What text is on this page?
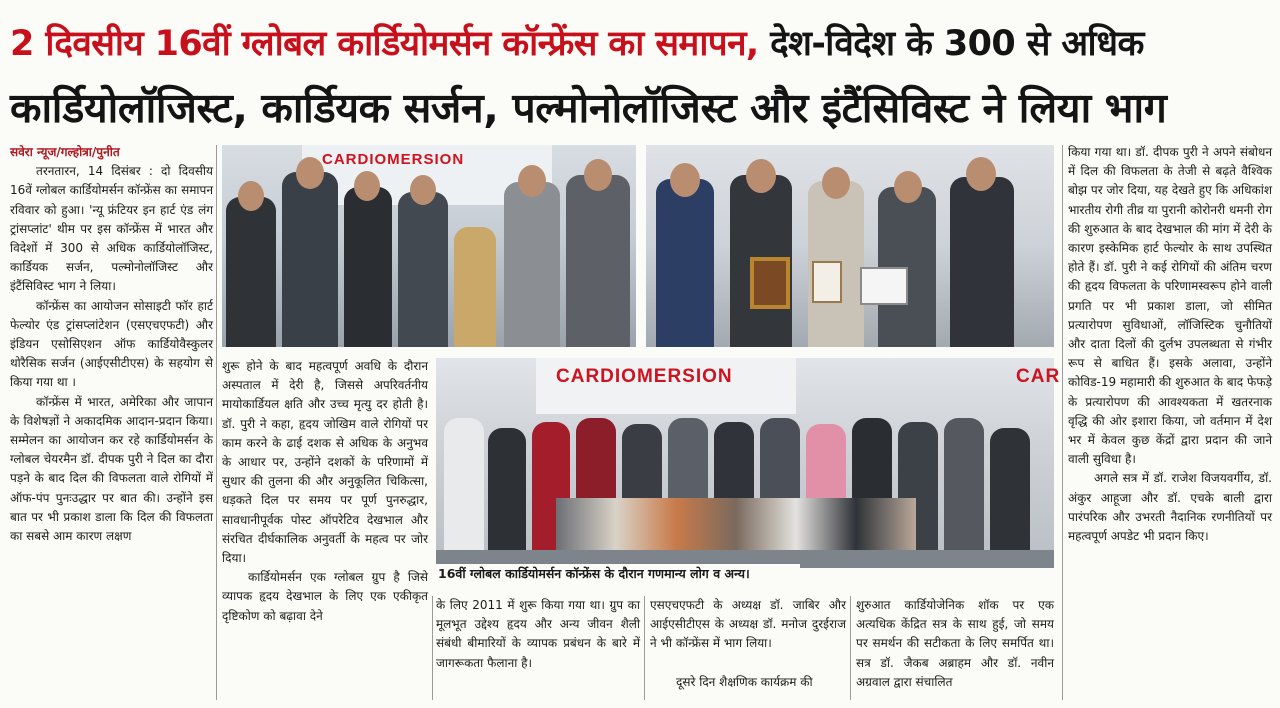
2 दिवसीय 16वीं ग्लोबल कार्डियोमर्सन कॉन्फ्रेंस का समापन, देश-विदेश के 300 से अधिक
कार्डियोलॉजिस्ट, कार्डियक सर्जन, पल्मोनोलॉजिस्ट और इंटैंसिविस्ट ने लिया भाग

सवेरा न्यूज/गल्होत्रा/पुनीत

तरनतारन, 14 दिसंबर : दो दिवसीय 16वें ग्लोबल कार्डियोमर्सन कॉन्फ्रेंस का समापन रविवार को हुआ। 'न्यू फ्रंटियर इन हार्ट एंड लंग ट्रांसप्लांट' थीम पर इस कॉन्फ्रेंस में भारत और विदेशों में 300 से अधिक कार्डियोलॉजिस्ट, कार्डियक सर्जन, पल्मोनोलॉजिस्ट और इंटैंसिविस्ट भाग ने लिया।

कॉन्फ्रेंस का आयोजन सोसाइटी फॉर हार्ट फेल्योर एंड ट्रांसप्लांटेशन (एसएचएफटी) और इंडियन एसोसिएशन ऑफ कार्डियोवैस्कुलर थोरैसिक सर्जन (आईएसीटीएस) के सहयोग से किया गया था ।

कॉन्फ्रेंस में भारत, अमेरिका और जापान के विशेषज्ञों ने अकादमिक आदान-प्रदान किया। सम्मेलन का आयोजन कर रहे कार्डियोमर्सन के ग्लोबल चेयरमैन डॉ. दीपक पुरी ने दिल का दौरा पड़ने के बाद दिल की विफलता वाले रोगियों में ऑफ-पंप पुनःउद्धार पर बात की। उन्होंने इस बात पर भी प्रकाश डाला कि दिल की विफलता का सबसे आम कारण लक्षण

CARDIOMERSION
CARDIOMERSION	CAR
16वीं ग्लोबल कार्डियोमर्सन कॉन्फ्रेंस के दौरान गणमान्य लोग व अन्य।

शुरू होने के बाद महत्वपूर्ण अवधि के दौरान अस्पताल में देरी है, जिससे अपरिवर्तनीय मायोकार्डियल क्षति और उच्च मृत्यु दर होती है। डॉ. पुरी ने कहा, हृदय जोखिम वाले रोगियों पर काम करने के ढाई दशक से अधिक के अनुभव के आधार पर, उन्होंने दशकों के परिणामों में सुधार की तुलना की और अनुकूलित चिकित्सा, धड़कते दिल पर समय पर पूर्ण पुनरुद्धार, सावधानीपूर्वक पोस्ट ऑपरेटिव देखभाल और संरचित दीर्घकालिक अनुवर्ती के महत्व पर जोर दिया।

कार्डियोमर्सन एक ग्लोबल ग्रुप है जिसे व्यापक हृदय देखभाल के लिए एक एकीकृत दृष्टिकोण को बढ़ावा देने

के लिए 2011 में शुरू किया गया था। ग्रुप का मूलभूत उद्देश्य हृदय और अन्य जीवन शैली संबंधी बीमारियों के व्यापक प्रबंधन के बारे में जागरूकता फैलाना है।

एसएचएफटी के अध्यक्ष डॉ. जाबिर और आईएसीटीएस के अध्यक्ष डॉ. मनोज दुरईराज ने भी कॉन्फ्रेंस में भाग लिया।

दूसरे दिन शैक्षणिक कार्यक्रम की

शुरुआत कार्डियोजेनिक शॉक पर एक अत्यधिक केंद्रित सत्र के साथ हुई, जो समय पर समर्थन की सटीकता के लिए समर्पित था। सत्र डॉ. जैकब अब्राहम और डॉ. नवीन अग्रवाल द्वारा संचालित

किया गया था। डॉ. दीपक पुरी ने अपने संबोधन में दिल की विफलता के तेजी से बढ़ते वैश्विक बोझ पर जोर दिया, यह देखते हुए कि अधिकांश भारतीय रोगी तीव्र या पुरानी कोरोनरी धमनी रोग की शुरुआत के बाद देखभाल की मांग में देरी के कारण इस्केमिक हार्ट फेल्योर के साथ उपस्थित होते हैं। डॉ. पुरी ने कई रोगियों की अंतिम चरण की हृदय विफलता के परिणामस्वरूप होने वाली प्रगति पर भी प्रकाश डाला, जो सीमित प्रत्यारोपण सुविधाओं, लॉजिस्टिक चुनौतियों और दाता दिलों की दुर्लभ उपलब्धता से गंभीर रूप से बाधित हैं। इसके अलावा, उन्होंने कोविड-19 महामारी की शुरुआत के बाद फेफड़े के प्रत्यारोपण की आवश्यकता में खतरनाक वृद्धि की ओर इशारा किया, जो वर्तमान में देश भर में केवल कुछ केंद्रों द्वारा प्रदान की जाने वाली सुविधा है।

अगले सत्र में डॉ. राजेश विजयवर्गीय, डॉ. अंकुर आहूजा और डॉ. एचके बाली द्वारा पारंपरिक और उभरती नैदानिक रणनीतियों पर महत्वपूर्ण अपडेट भी प्रदान किए।
